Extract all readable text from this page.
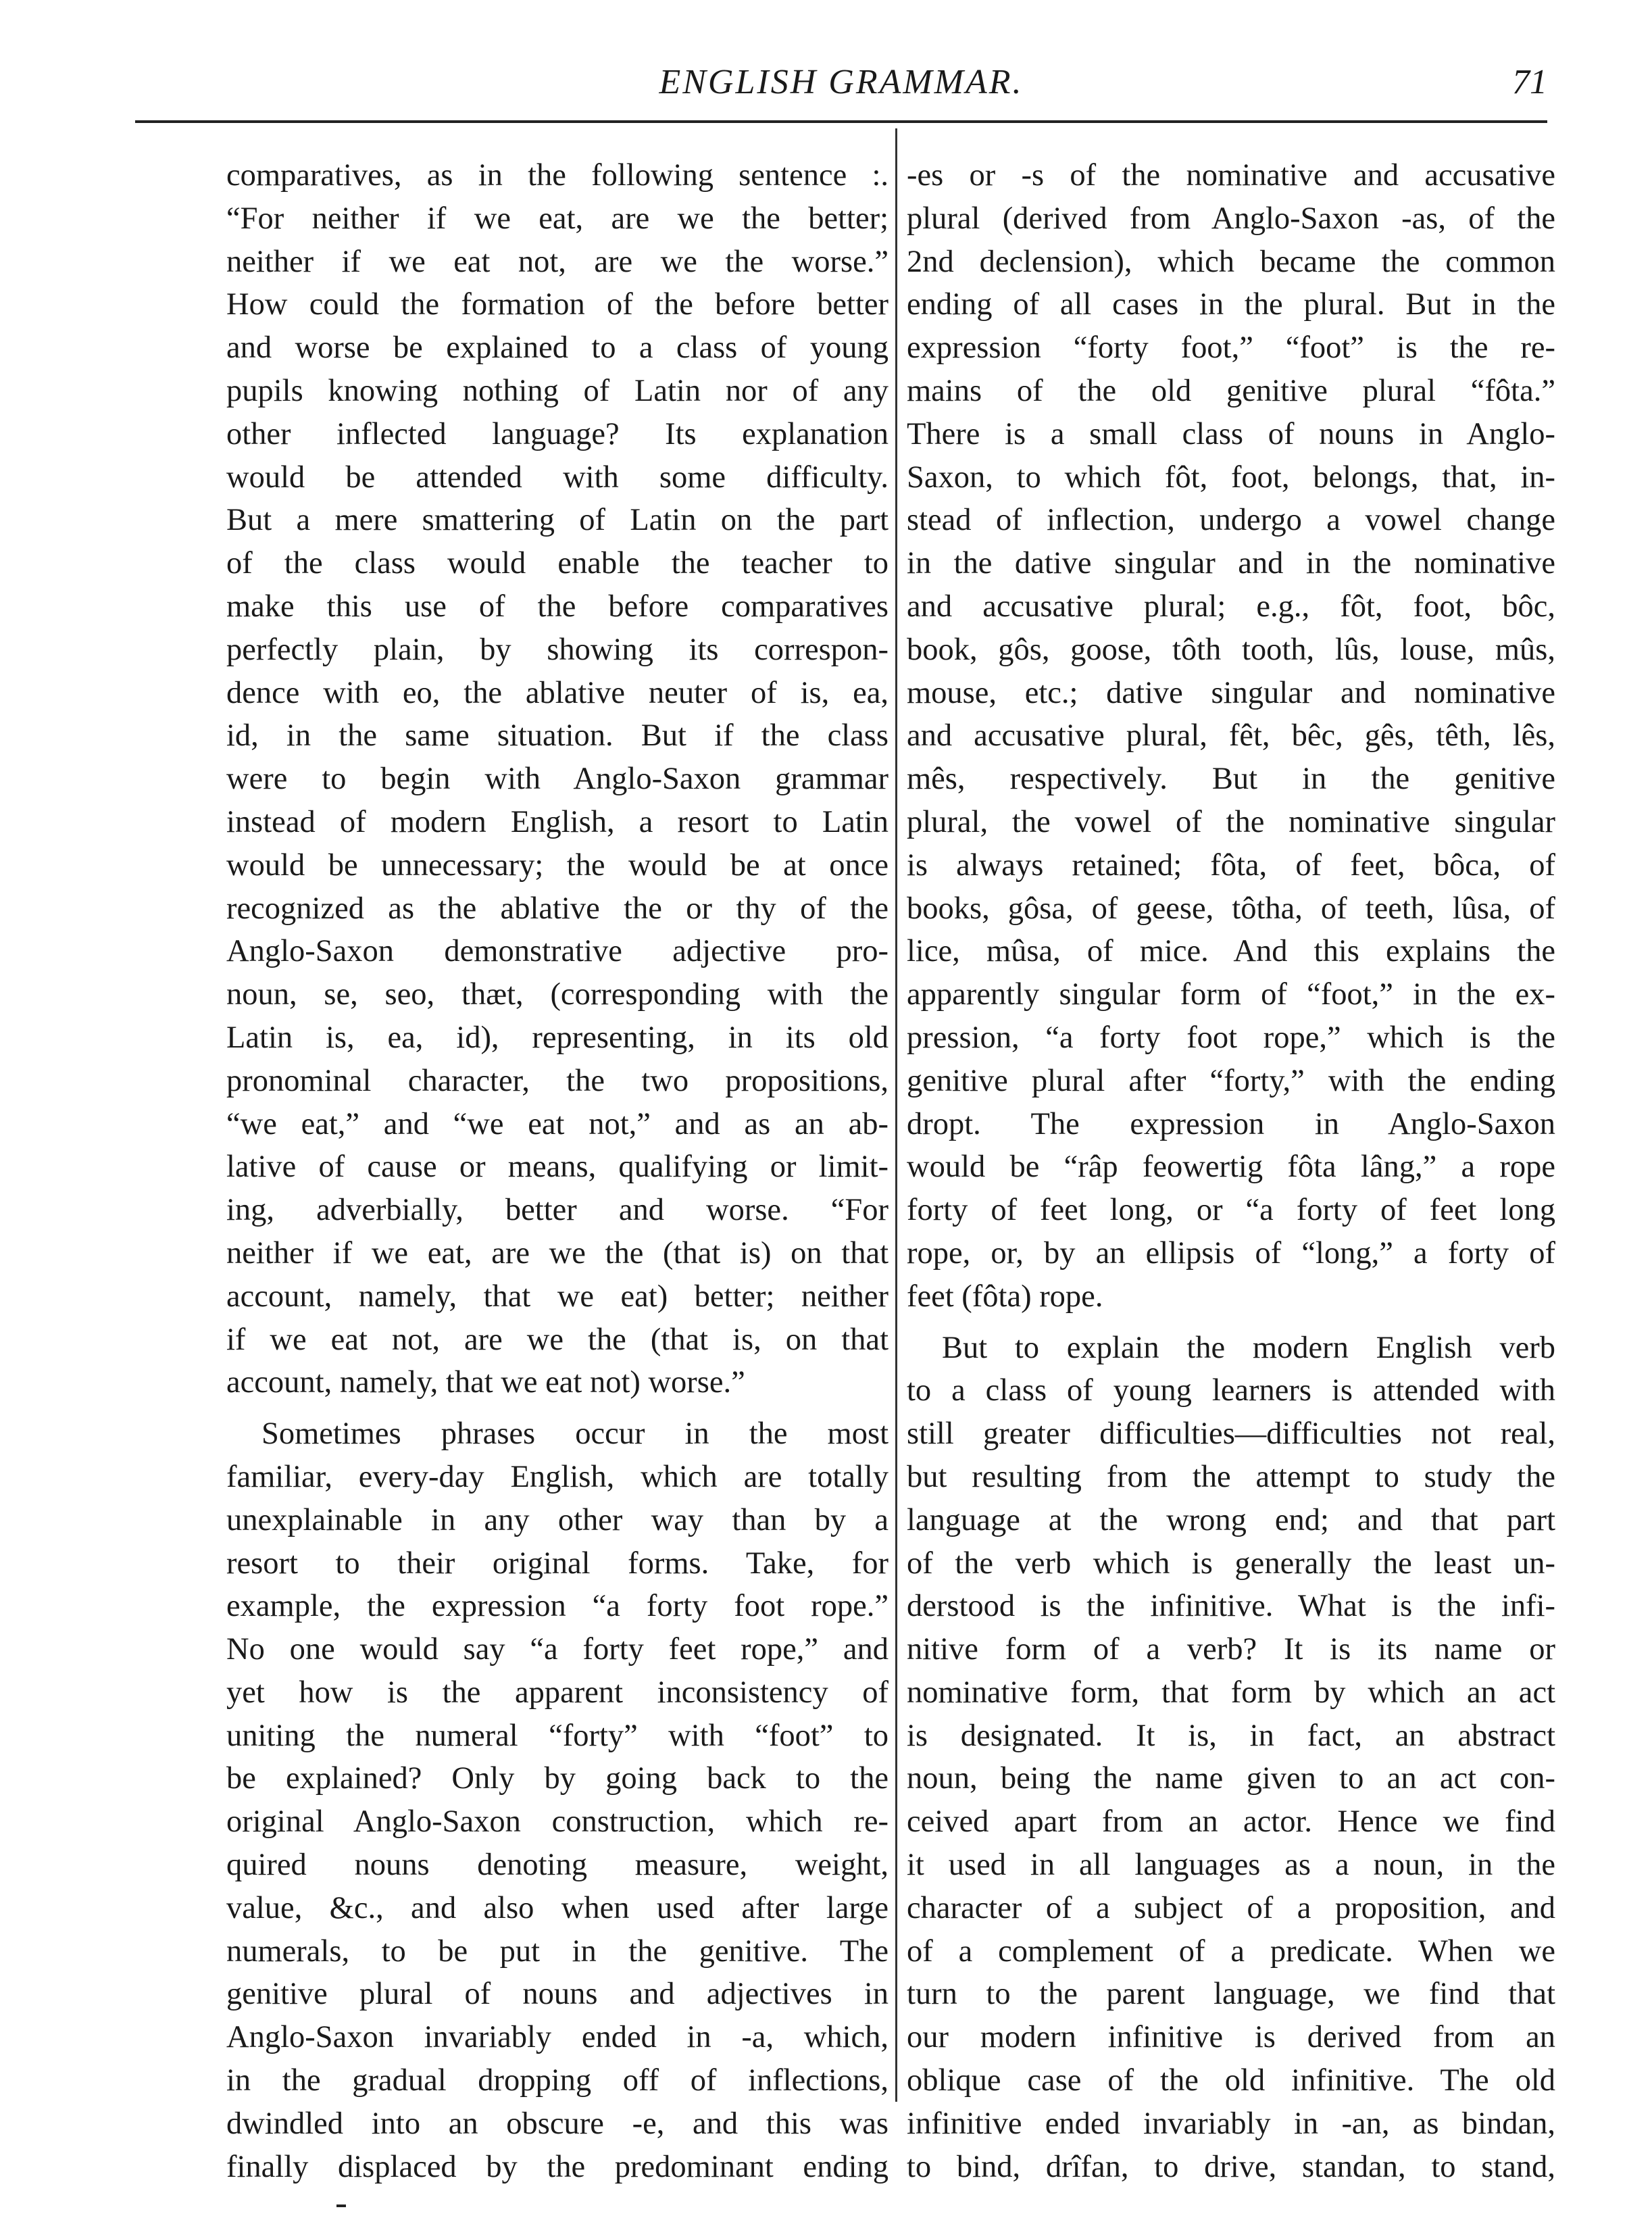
ENGLISH GRAMMAR.	71
comparatives, as in the following sentence :.
“For neither if we eat, are we the better;
neither if we eat not, are we the worse.”
How could the formation of the before better
and worse be explained to a class of young
pupils knowing nothing of Latin nor of any
other inflected language? Its explanation
would be attended with some difficulty.
But a mere smattering of Latin on the part
of the class would enable the teacher to
make this use of the before comparatives
perfectly plain, by showing its correspon-
dence with eo, the ablative neuter of is, ea,
id, in the same situation. But if the class
were to begin with Anglo-Saxon grammar
instead of modern English, a resort to Latin
would be unnecessary; the would be at once
recognized as the ablative the or thy of the
Anglo-Saxon demonstrative adjective pro-
noun, se, seo, thæt, (corresponding with the
Latin is, ea, id), representing, in its old
pronominal character, the two propositions,
“we eat,” and “we eat not,” and as an ab-
lative of cause or means, qualifying or limit-
ing, adverbially, better and worse. “For
neither if we eat, are we the (that is) on that
account, namely, that we eat) better; neither
if we eat not, are we the (that is, on that
account, namely, that we eat not) worse.”
Sometimes phrases occur in the most
familiar, every-day English, which are totally
unexplainable in any other way than by a
resort to their original forms. Take, for
example, the expression “a forty foot rope.”
No one would say “a forty feet rope,” and
yet how is the apparent inconsistency of
uniting the numeral “forty” with “foot” to
be explained? Only by going back to the
original Anglo-Saxon construction, which re-
quired nouns denoting measure, weight,
value, &c., and also when used after large
numerals, to be put in the genitive. The
genitive plural of nouns and adjectives in
Anglo-Saxon invariably ended in -a, which,
in the gradual dropping off of inflections,
dwindled into an obscure -e, and this was
finally displaced by the predominant ending
-es or -s of the nominative and accusative
plural (derived from Anglo-Saxon -as, of the
2nd declension), which became the common
ending of all cases in the plural. But in the
expression “forty foot,” “foot” is the re-
mains of the old genitive plural “fôta.”
There is a small class of nouns in Anglo-
Saxon, to which fôt, foot, belongs, that, in-
stead of inflection, undergo a vowel change
in the dative singular and in the nominative
and accusative plural; e.g., fôt, foot, bôc,
book, gôs, goose, tôth tooth, lûs, louse, mûs,
mouse, etc.; dative singular and nominative
and accusative plural, fêt, bêc, gês, têth, lês,
mês, respectively. But in the genitive
plural, the vowel of the nominative singular
is always retained; fôta, of feet, bôca, of
books, gôsa, of geese, tôtha, of teeth, lûsa, of
lice, mûsa, of mice. And this explains the
apparently singular form of “foot,” in the ex-
pression, “a forty foot rope,” which is the
genitive plural after “forty,” with the ending
dropt. The expression in Anglo-Saxon
would be “râp feowertig fôta lâng,” a rope
forty of feet long, or “a forty of feet long
rope, or, by an ellipsis of “long,” a forty of
feet (fôta) rope.
But to explain the modern English verb
to a class of young learners is attended with
still greater difficulties—difficulties not real,
but resulting from the attempt to study the
language at the wrong end; and that part
of the verb which is generally the least un-
derstood is the infinitive. What is the infi-
nitive form of a verb? It is its name or
nominative form, that form by which an act
is designated. It is, in fact, an abstract
noun, being the name given to an act con-
ceived apart from an actor. Hence we find
it used in all languages as a noun, in the
character of a subject of a proposition, and
of a complement of a predicate. When we
turn to the parent language, we find that
our modern infinitive is derived from an
oblique case of the old infinitive. The old
infinitive ended invariably in -an, as bindan,
to bind, drîfan, to drive, standan, to stand,
